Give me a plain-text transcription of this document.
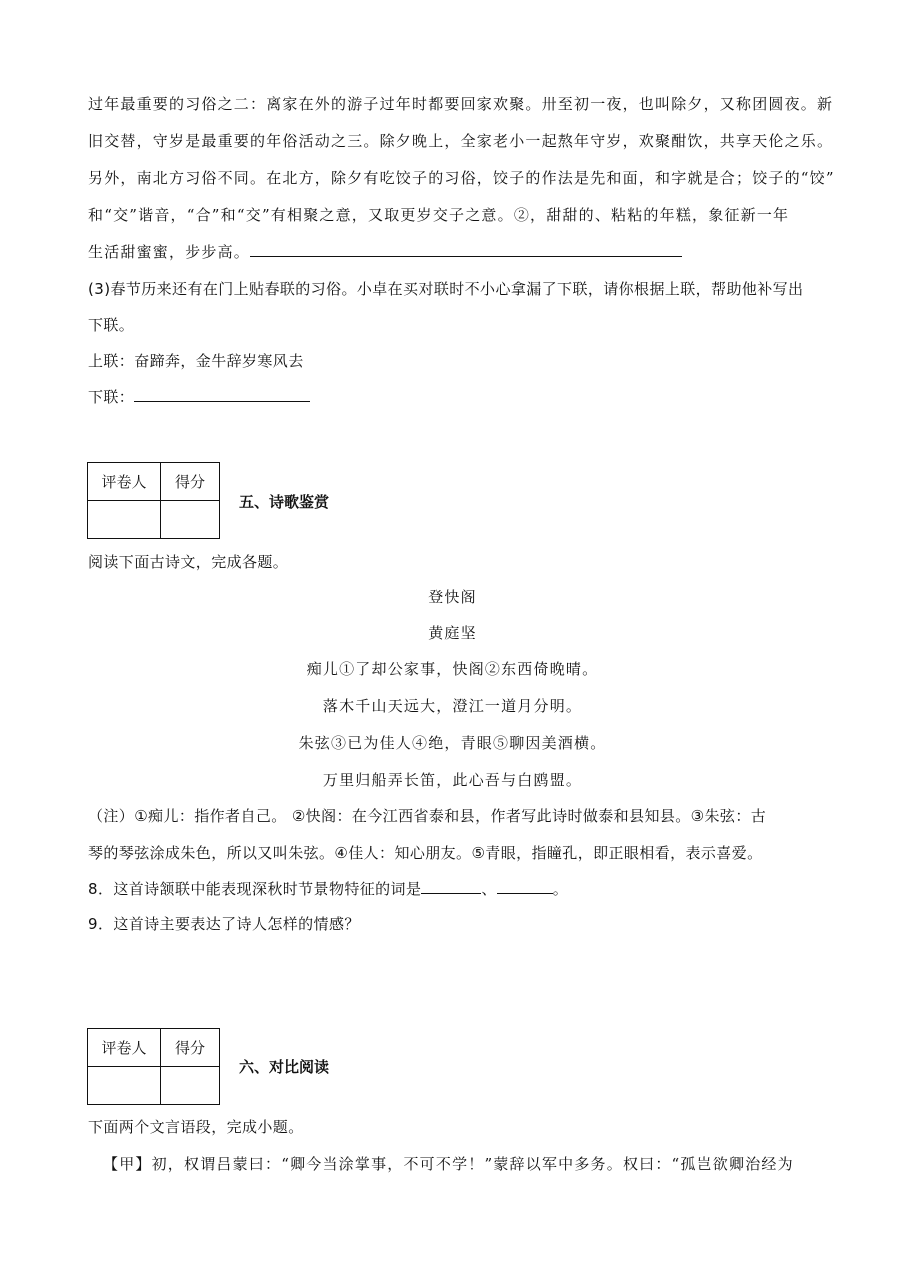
过年最重要的习俗之二：离家在外的游子过年时都要回家欢聚。卅至初一夜，也叫除夕，又称团圆夜。新
旧交替，守岁是最重要的年俗活动之三。除夕晚上，全家老小一起熬年守岁，欢聚酣饮，共享天伦之乐。
另外，南北方习俗不同。在北方，除夕有吃饺子的习俗，饺子的作法是先和面，和字就是合；饺子的“饺”
和“交”谐音，“合”和“交”有相聚之意，又取更岁交子之意。②，甜甜的、粘粘的年糕，象征新一年
生活甜蜜蜜，步步高。
(3)春节历来还有在门上贴春联的习俗。小卓在买对联时不小心拿漏了下联，请你根据上联，帮助他补写出
下联。
上联：奋蹄奔，金牛辞岁寒风去
下联：
评卷人	得分

五、诗歌鉴赏
阅读下面古诗文，完成各题。
登快阁
黄庭坚
痴儿①了却公家事，快阁②东西倚晚晴。
落木千山天远大，澄江一道月分明。
朱弦③已为佳人④绝，青眼⑤聊因美酒横。
万里归船弄长笛，此心吾与白鸥盟。
（注）①痴儿：指作者自己。 ②快阁：在今江西省泰和县，作者写此诗时做泰和县知县。③朱弦：古
琴的琴弦涂成朱色，所以又叫朱弦。④佳人：知心朋友。⑤青眼，指瞳孔，即正眼相看，表示喜爱。
8．这首诗颔联中能表现深秋时节景物特征的词是	、	。
9．这首诗主要表达了诗人怎样的情感？
评卷人	得分

六、对比阅读
下面两个文言语段，完成小题。
【甲】初，权谓吕蒙曰：“卿今当涂掌事，不可不学！”蒙辞以军中多务。权曰：“孤岂欲卿治经为
